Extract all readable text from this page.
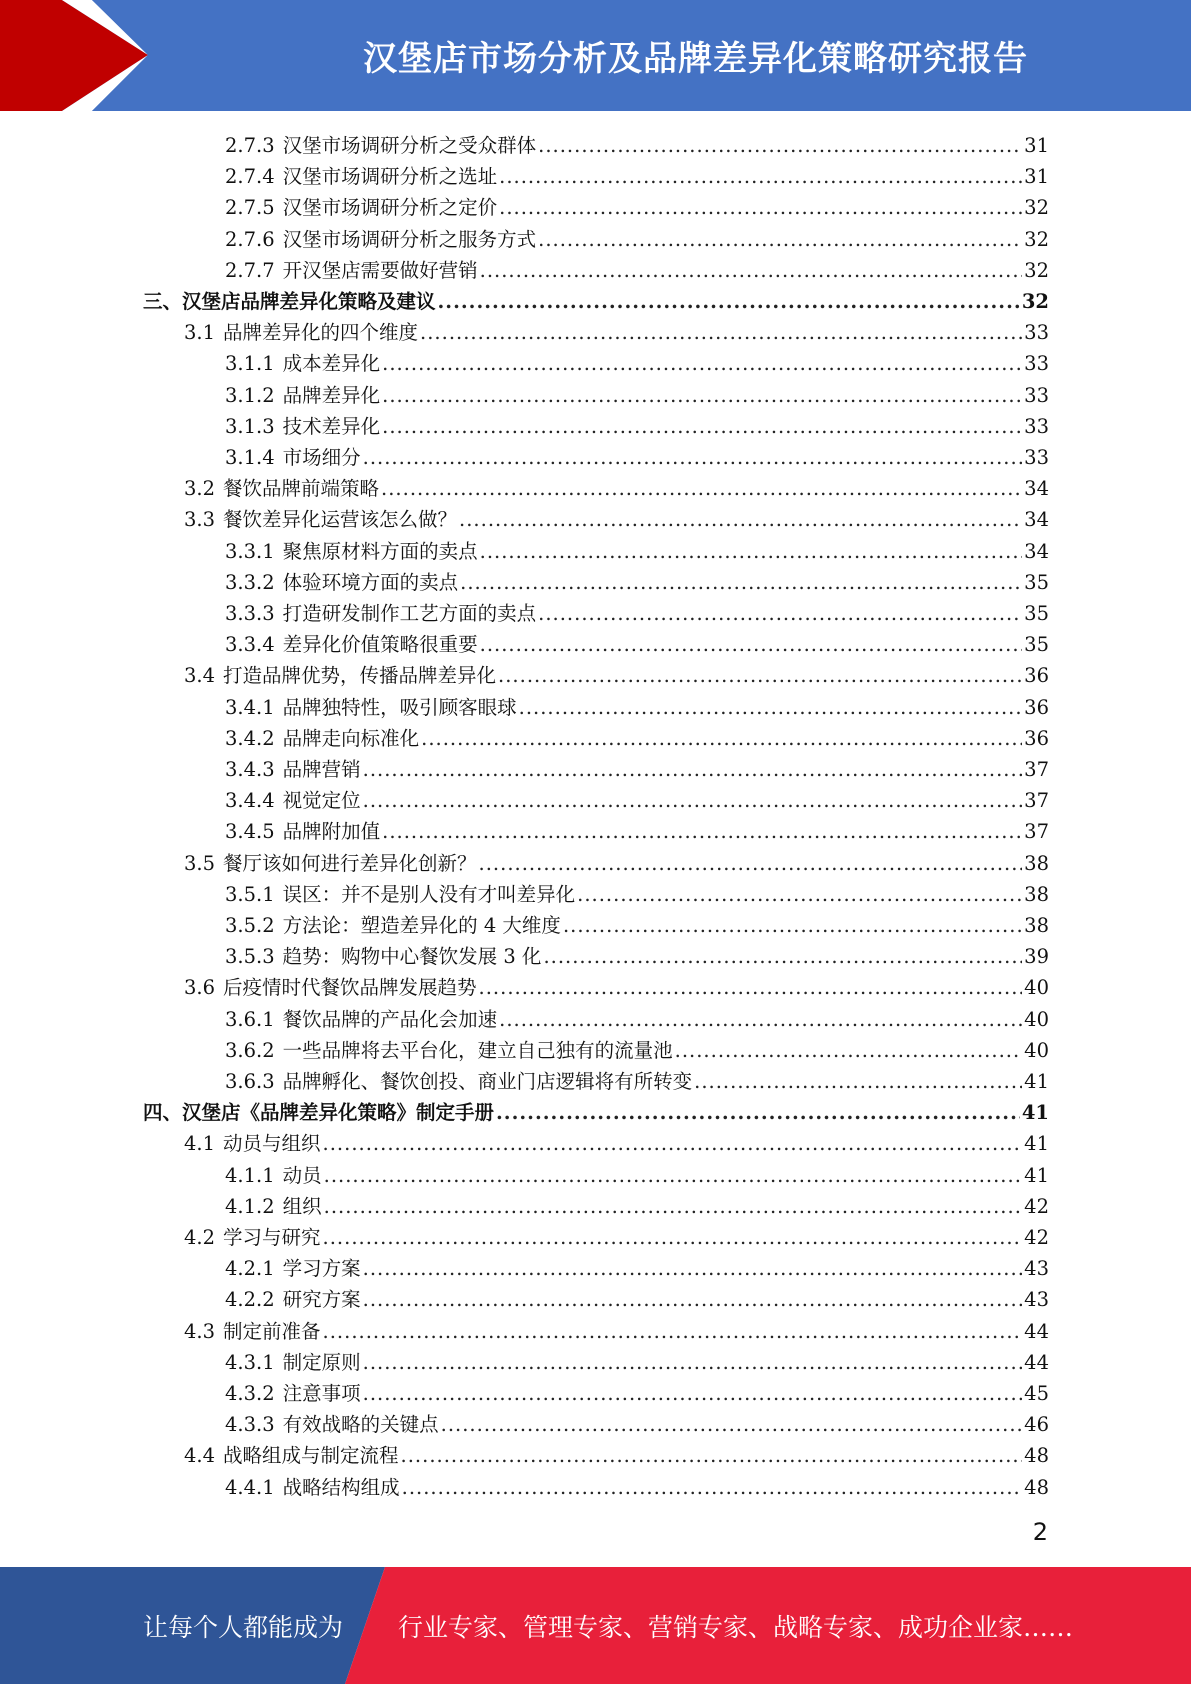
汉堡店市场分析及品牌差异化策略研究报告
2.7.3 汉堡市场调研分析之受众群体 .....	31
2.7.4 汉堡市场调研分析之选址 .....	31
2.7.5 汉堡市场调研分析之定价 .....	32
2.7.6 汉堡市场调研分析之服务方式 .....	32
2.7.7 开汉堡店需要做好营销 .....	32
三、汉堡店品牌差异化策略及建议 .....	32
3.1 品牌差异化的四个维度 .....	33
3.1.1 成本差异化 .....	33
3.1.2 品牌差异化 .....	33
3.1.3 技术差异化 .....	33
3.1.4 市场细分 .....	33
3.2 餐饮品牌前端策略 .....	34
3.3 餐饮差异化运营该怎么做？ .....	34
3.3.1 聚焦原材料方面的卖点 .....	34
3.3.2 体验环境方面的卖点 .....	35
3.3.3 打造研发制作工艺方面的卖点 .....	35
3.3.4 差异化价值策略很重要 .....	35
3.4 打造品牌优势，传播品牌差异化 .....	36
3.4.1 品牌独特性，吸引顾客眼球 .....	36
3.4.2 品牌走向标准化 .....	36
3.4.3 品牌营销 .....	37
3.4.4 视觉定位 .....	37
3.4.5 品牌附加值 .....	37
3.5 餐厅该如何进行差异化创新？ .....	38
3.5.1 误区：并不是别人没有才叫差异化 .....	38
3.5.2 方法论：塑造差异化的 4 大维度 .....	38
3.5.3 趋势：购物中心餐饮发展 3 化 .....	39
3.6 后疫情时代餐饮品牌发展趋势 .....	40
3.6.1 餐饮品牌的产品化会加速 .....	40
3.6.2 一些品牌将去平台化，建立自己独有的流量池 .....	40
3.6.3 品牌孵化、餐饮创投、商业门店逻辑将有所转变 .....	41
四、汉堡店《品牌差异化策略》制定手册 .....	41
4.1 动员与组织 .....	41
4.1.1 动员 .....	41
4.1.2 组织 .....	42
4.2 学习与研究 .....	42
4.2.1 学习方案 .....	43
4.2.2 研究方案 .....	43
4.3 制定前准备 .....	44
4.3.1 制定原则 .....	44
4.3.2 注意事项 .....	45
4.3.3 有效战略的关键点 .....	46
4.4 战略组成与制定流程 .....	48
4.4.1 战略结构组成 .....	48
2
让每个人都能成为 行业专家、管理专家、营销专家、战略专家、成功企业家……
